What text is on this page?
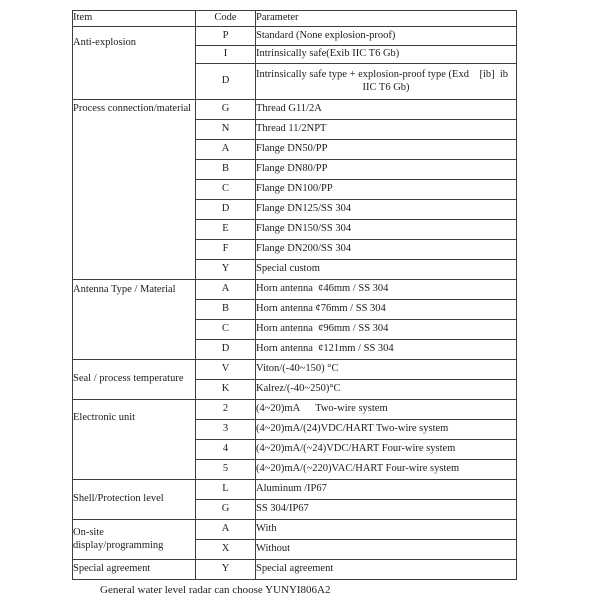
Item	Code	Parameter
Anti-explosion	P	Standard (None explosion-proof)
	I	Intrinsically safe(Exib IIC T6 Gb)
	D	Intrinsically safe type + explosion-proof type (Exd    [ib]  ib
IIC T6 Gb)

Process connection/material	G	Thread G11/2A
	N	Thread 11/2NPT
	A	Flange DN50/PP
	B	Flange DN80/PP
	C	Flange DN100/PP
	D	Flange DN125/SS 304
	E	Flange DN150/SS 304
	F	Flange DN200/SS 304
	Y	Special custom
Antenna Type / Material	A	Horn antenna  ¢46mm / SS 304
	B	Horn antenna ¢76mm / SS 304
	C	Horn antenna  ¢96mm / SS 304
	D	Horn antenna  ¢121mm / SS 304
Seal / process temperature	V	Viton/(-40~150) °C
	K	Kalrez/(-40~250)°C
Electronic unit	2	(4~20)mA      Two-wire system
	3	(4~20)mA/(24)VDC/HART Two-wire system
	4	(4~20)mA/(~24)VDC/HART Four-wire system
	5	(4~20)mA/(~220)VAC/HART Four-wire system
Shell/Protection level	L	Aluminum /IP67
	G	SS 304/IP67
On-site display/programming	A	With
	X	Without
Special agreement	Y	Special agreement
General water level radar can choose YUNYI806A2
